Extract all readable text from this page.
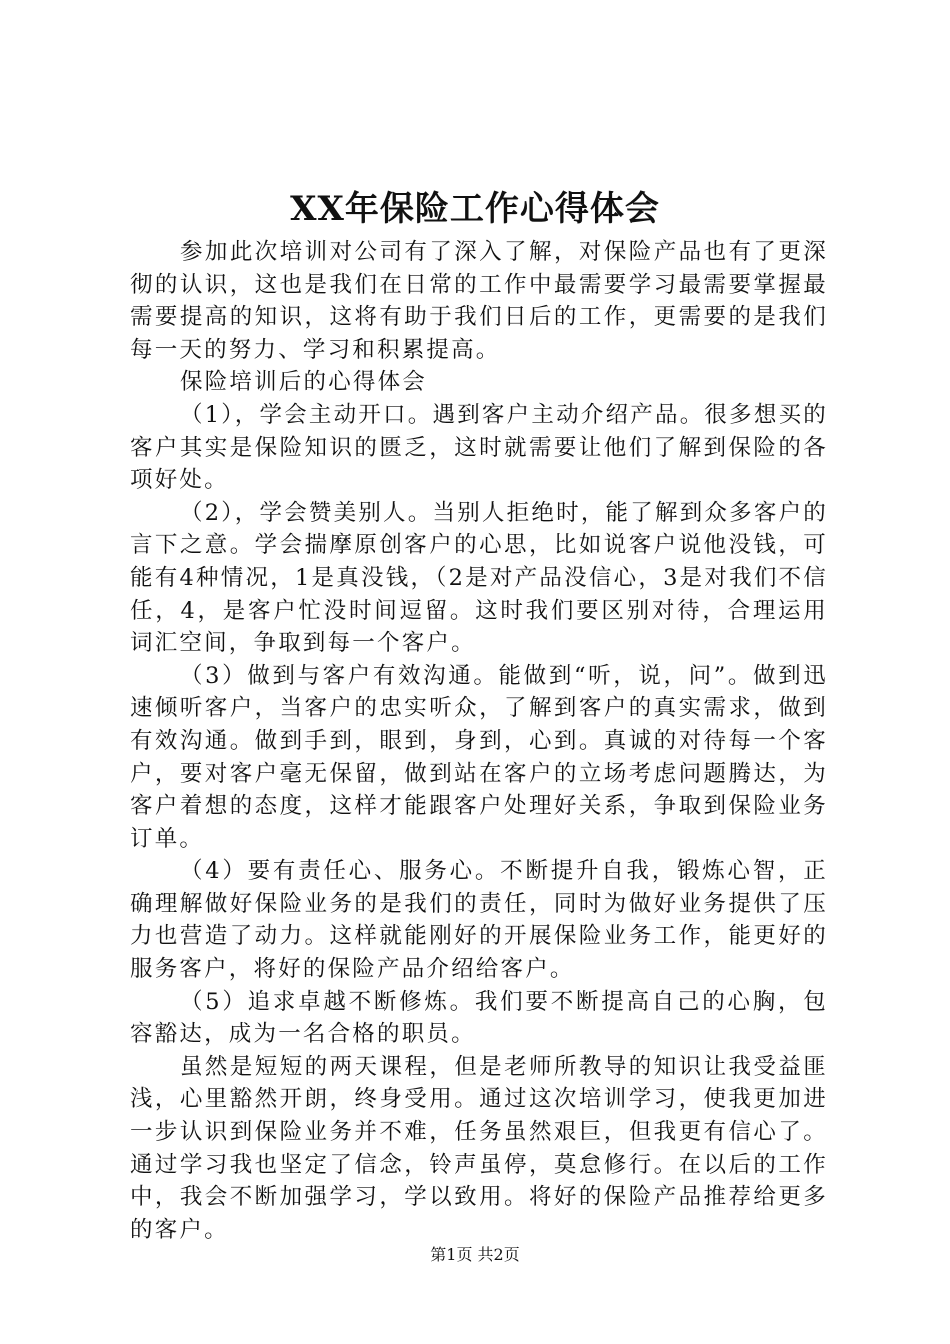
XX年保险工作心得体会

参加此次培训对公司有了深入了解，对保险产品也有了更深彻的认识，这也是我们在日常的工作中最需要学习最需要掌握最需要提高的知识，这将有助于我们日后的工作，更需要的是我们每一天的努力、学习和积累提高。

保险培训后的心得体会

（1），学会主动开口。遇到客户主动介绍产品。很多想买的客户其实是保险知识的匮乏，这时就需要让他们了解到保险的各项好处。

（2），学会赞美别人。当别人拒绝时，能了解到众多客户的言下之意。学会揣摩原创客户的心思，比如说客户说他没钱，可能有4种情况，1是真没钱，（2是对产品没信心，3是对我们不信任，4，是客户忙没时间逗留。这时我们要区别对待，合理运用词汇空间，争取到每一个客户。

（3）做到与客户有效沟通。能做到“听，说，问”。做到迅速倾听客户，当客户的忠实听众，了解到客户的真实需求，做到有效沟通。做到手到，眼到，身到，心到。真诚的对待每一个客户，要对客户毫无保留，做到站在客户的立场考虑问题腾达，为客户着想的态度，这样才能跟客户处理好关系，争取到保险业务订单。

（4）要有责任心、服务心。不断提升自我，锻炼心智，正确理解做好保险业务的是我们的责任，同时为做好业务提供了压力也营造了动力。这样就能刚好的开展保险业务工作，能更好的服务客户，将好的保险产品介绍给客户。

（5）追求卓越不断修炼。我们要不断提高自己的心胸，包容豁达，成为一名合格的职员。

虽然是短短的两天课程，但是老师所教导的知识让我受益匪浅，心里豁然开朗，终身受用。通过这次培训学习，使我更加进一步认识到保险业务并不难，任务虽然艰巨，但我更有信心了。通过学习我也坚定了信念，铃声虽停，莫怠修行。在以后的工作中，我会不断加强学习，学以致用。将好的保险产品推荐给更多的客户。

第1页 共2页
